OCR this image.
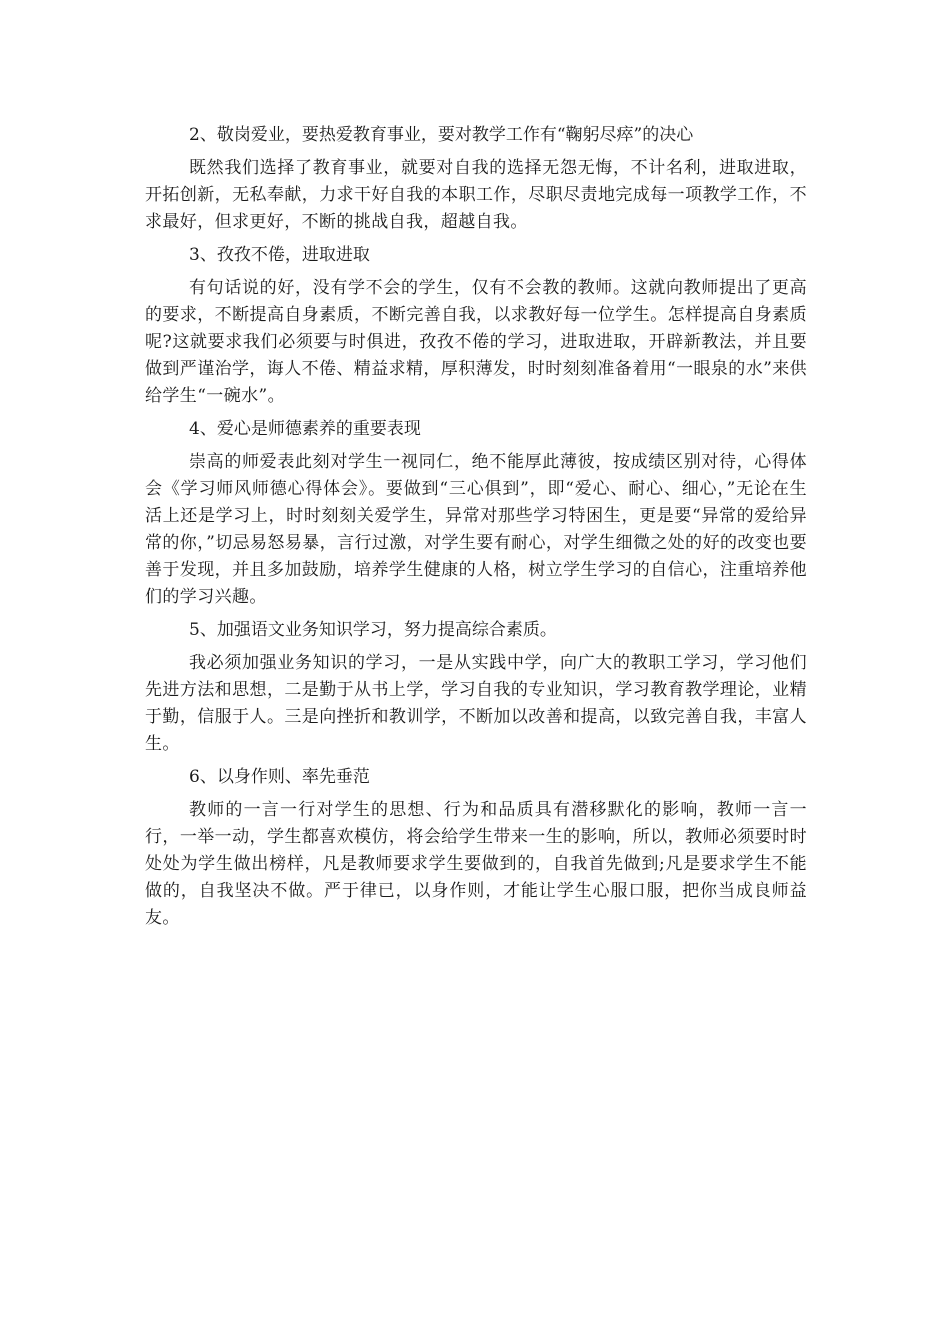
2、敬岗爱业，要热爱教育事业，要对教学工作有“鞠躬尽瘁”的决心
既然我们选择了教育事业，就要对自我的选择无怨无悔，不计名利，进取进取，开拓创新，无私奉献，力求干好自我的本职工作，尽职尽责地完成每一项教学工作，不求最好，但求更好，不断的挑战自我，超越自我。
3、孜孜不倦，进取进取
有句话说的好，没有学不会的学生，仅有不会教的教师。这就向教师提出了更高的要求，不断提高自身素质，不断完善自我，以求教好每一位学生。怎样提高自身素质呢?这就要求我们必须要与时俱进，孜孜不倦的学习，进取进取，开辟新教法，并且要做到严谨治学，诲人不倦、精益求精，厚积薄发，时时刻刻准备着用“一眼泉的水”来供给学生“一碗水”。
4、爱心是师德素养的重要表现
崇高的师爱表此刻对学生一视同仁，绝不能厚此薄彼，按成绩区别对待，心得体会《学习师风师德心得体会》。要做到“三心俱到”，即“爱心、耐心、细心，”无论在生活上还是学习上，时时刻刻关爱学生，异常对那些学习特困生，更是要“异常的爱给异常的你，”切忌易怒易暴，言行过激，对学生要有耐心，对学生细微之处的好的改变也要善于发现，并且多加鼓励，培养学生健康的人格，树立学生学习的自信心，注重培养他们的学习兴趣。
5、加强语文业务知识学习，努力提高综合素质。
我必须加强业务知识的学习，一是从实践中学，向广大的教职工学习，学习他们先进方法和思想，二是勤于从书上学，学习自我的专业知识，学习教育教学理论，业精于勤，信服于人。三是向挫折和教训学，不断加以改善和提高，以致完善自我，丰富人生。
6、以身作则、率先垂范
教师的一言一行对学生的思想、行为和品质具有潜移默化的影响，教师一言一行，一举一动，学生都喜欢模仿，将会给学生带来一生的影响，所以，教师必须要时时处处为学生做出榜样，凡是教师要求学生要做到的，自我首先做到;凡是要求学生不能做的，自我坚决不做。严于律已，以身作则，才能让学生心服口服，把你当成良师益友。
